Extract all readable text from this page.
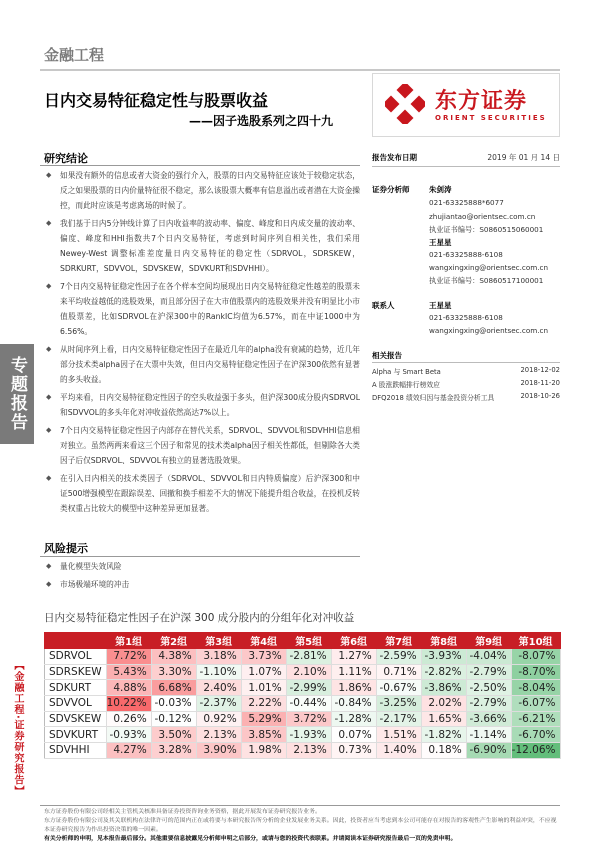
金融工程
东方证券
ORIENT SECURITIES
日内交易特征稳定性与股票收益
——因子选股系列之四十九
专题报告
【金融工程·证券研究报告】
研究结论
◆ 如果没有额外的信息或者大资金的强行介入，股票的日内交易特征应该处于较稳定状态，反之如果股票的日内价量特征很不稳定，那么该股票大概率有信息溢出或者潜在大资金操控，而此时应该是考虑离场的时候了。
◆ 我们基于日内5分钟线计算了日内收益率的波动率、偏度、峰度和日内成交量的波动率、偏度、峰度和HHI指数共7个日内交易特征，考虑到时间序列自相关性，我们采用 Newey-West 调整标准差度量日内交易特征的稳定性（SDRVOL，SDRSKEW，SDRKURT，SDVVOL，SDVSKEW，SDVKURT和SDVHHI）。
◆ 7个日内交易特征稳定性因子在各个样本空间均展现出日内交易特征稳定性越差的股票未来平均收益越低的选股效果，而且部分因子在大市值股票内的选股效果并没有明显比小市值股票差，比如SDRVOL在沪深300中的RankIC均值为6.57%，而在中证1000中为6.56%。
◆ 从时间序列上看，日内交易特征稳定性因子在最近几年的alpha没有衰减的趋势，近几年部分技术类alpha因子在大票中失效，但日内交易特征稳定性因子在沪深300依然有显著的多头收益。
◆ 平均来看，日内交易特征稳定性因子的空头收益强于多头，但沪深300成分股内SDRVOL和SDVVOL的多头年化对冲收益依然高达7%以上。
◆ 7个日内交易特征稳定性因子内部存在替代关系，SDRVOL、SDVVOL和SDVHHI信息相对独立。虽然两两来看这三个因子和常见的技术类alpha因子相关性都低，但剔除各大类因子后仅SDRVOL、SDVVOL有独立的显著选股效果。
◆ 在引入日内相关的技术类因子（SDRVOL、SDVVOL和日内特质偏度）后沪深300和中证500增强模型在跟踪误差、回撤和换手相差不大的情况下能提升组合收益，在投机反转类权重占比较大的模型中这种差异更加显著。
风险提示
◆ 量化模型失效风险
◆ 市场极端环境的冲击
报告发布日期	2019 年 01 月 14 日
证券分析师	朱剑涛
021-63325888*6077
zhujiantao@orientsec.com.cn
执业证书编号：S0860515060001
王星星
021-63325888-6108
wangxingxing@orientsec.com.cn
执业证书编号：S0860517100001
联系人	王星星
021-63325888-6108
wangxingxing@orientsec.com.cn
相关报告
Alpha 与 Smart Beta	2018-12-02
A 股涨跌幅排行榜效应	2018-11-20
DFQ2018 绩效归因与基金投资分析工具	2018-10-26
日内交易特征稳定性因子在沪深 300 成分股内的分组年化对冲收益
	第1组	第2组	第3组	第4组	第5组	第6组	第7组	第8组	第9组	第10组
SDRVOL	7.72%	4.38%	3.18%	3.73%	-2.81%	1.27%	-2.59%	-3.93%	-4.04%	-8.07%
SDRSKEW	5.43%	3.30%	-1.10%	1.07%	2.10%	1.11%	0.71%	-2.82%	-2.79%	-8.70%
SDKURT	4.88%	6.68%	2.40%	1.01%	-2.99%	1.86%	-0.67%	-3.86%	-2.50%	-8.04%
SDVVOL	10.22%	-0.03%	-2.37%	2.22%	-0.44%	-0.84%	-3.25%	2.02%	-2.79%	-6.07%
SDVSKEW	0.26%	-0.12%	0.92%	5.29%	3.72%	-1.28%	-2.17%	1.65%	-3.66%	-6.21%
SDVKURT	-0.93%	3.50%	2.13%	3.85%	-1.93%	0.07%	1.51%	-1.82%	-1.14%	-6.70%
SDVHHI	4.27%	3.28%	3.90%	1.98%	2.13%	0.73%	1.40%	0.18%	-6.90%	-12.06%
东方证券股份有限公司经相关主管机关核准具备证券投资咨询业务资格，据此开展发布证券研究报告业务。
东方证券股份有限公司及其关联机构在法律许可的范围内正在或将要与本研究报告所分析的企业发展业务关系。因此，投资者应当考虑到本公司可能存在对报告的客观性产生影响的利益冲突，不应视本证券研究报告为作出投资决策的唯一因素。
有关分析师的申明，见本报告最后部分。其他重要信息披露见分析师申明之后部分，或请与您的投资代表联系。并请阅读本证券研究报告最后一页的免责申明。
